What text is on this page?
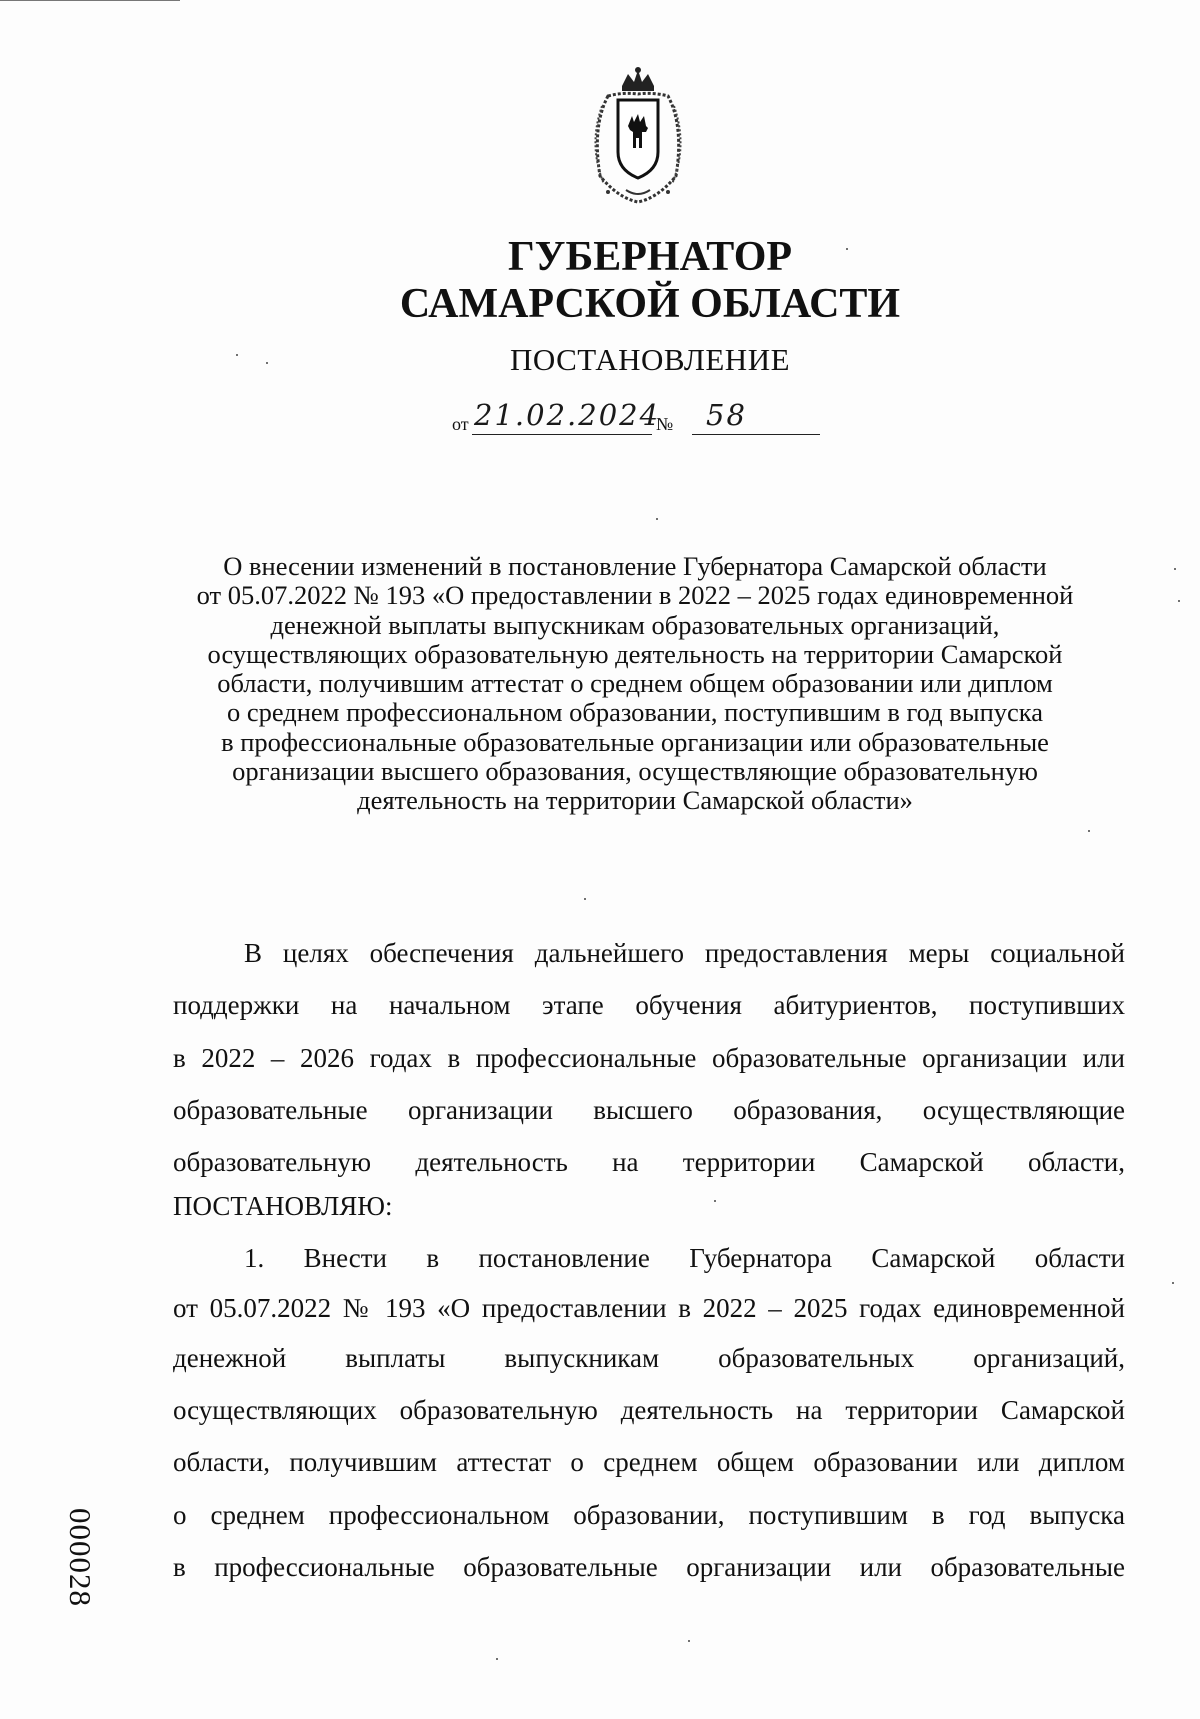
ГУБЕРНАТОР
САМАРСКОЙ ОБЛАСТИ
ПОСТАНОВЛЕНИЕ
от 21.02.2024
№ 58
О внесении изменений в постановление Губернатора Самарской области
от 05.07.2022 № 193 «О предоставлении в 2022 – 2025 годах единовременной
денежной выплаты выпускникам образовательных организаций,
осуществляющих образовательную деятельность на территории Самарской
области, получившим аттестат о среднем общем образовании или диплом
о среднем профессиональном образовании, поступившим в год выпуска
в профессиональные образовательные организации или образовательные
организации высшего образования, осуществляющие образовательную
деятельность на территории Самарской области»
В целях обеспечения дальнейшего предоставления меры социальной
поддержки на начальном этапе обучения абитуриентов, поступивших
в 2022 – 2026 годах в профессиональные образовательные организации или
образовательные организации высшего образования, осуществляющие
образовательную деятельность на территории Самарской области,
ПОСТАНОВЛЯЮ:
1. Внести в постановление Губернатора Самарской области
от 05.07.2022 № 193 «О предоставлении в 2022 – 2025 годах единовременной
денежной выплаты выпускникам образовательных организаций,
осуществляющих образовательную деятельность на территории Самарской
области, получившим аттестат о среднем общем образовании или диплом
о среднем профессиональном образовании, поступившим в год выпуска
в профессиональные образовательные организации или образовательные
000028
